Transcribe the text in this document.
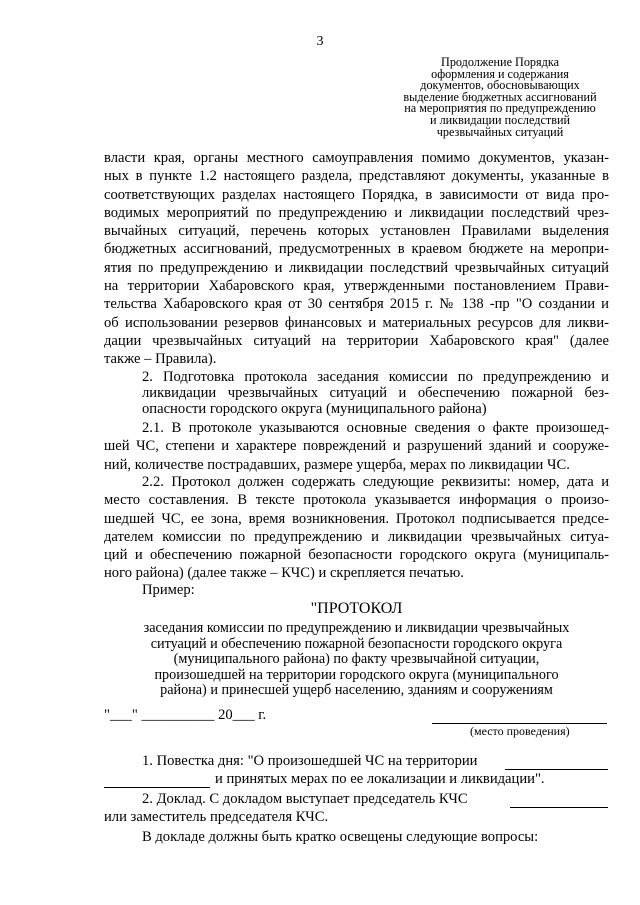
3
Продолжение Порядка
оформления и содержания
документов, обосновывающих
выделение бюджетных ассигнований
на мероприятия по предупреждению
и ликвидации последствий
чрезвычайных ситуаций
власти края, органы местного самоуправления помимо документов, указан-
ных в пункте 1.2 настоящего раздела, представляют документы, указанные в
соответствующих разделах настоящего Порядка, в зависимости от вида про-
водимых мероприятий по предупреждению и ликвидации последствий чрез-
вычайных ситуаций, перечень которых установлен Правилами выделения
бюджетных ассигнований, предусмотренных в краевом бюджете на меропри-
ятия по предупреждению и ликвидации последствий чрезвычайных ситуаций
на территории Хабаровского края, утвержденными постановлением Прави-
тельства Хабаровского края от 30 сентября 2015 г. № 138 -пр "О создании и
об использовании резервов финансовых и материальных ресурсов для ликви-
дации чрезвычайных ситуаций на территории Хабаровского края" (далее
также – Правила).
2. Подготовка протокола заседания комиссии по предупреждению и
ликвидации чрезвычайных ситуаций и обеспечению пожарной без-
опасности городского округа (муниципального района)
2.1. В протоколе указываются основные сведения о факте произошед-
шей ЧС, степени и характере повреждений и разрушений зданий и сооруже-
ний, количестве пострадавших, размере ущерба, мерах по ликвидации ЧС.
2.2. Протокол должен содержать следующие реквизиты: номер, дата и
место составления. В тексте протокола указывается информация о произо-
шедшей ЧС, ее зона, время возникновения. Протокол подписывается предсе-
дателем комиссии по предупреждению и ликвидации чрезвычайных ситуа-
ций и обеспечению пожарной безопасности городского округа (муниципаль-
ного района) (далее также – КЧС) и скрепляется печатью.
Пример:
"ПРОТОКОЛ
заседания комиссии по предупреждению и ликвидации чрезвычайных
ситуаций и обеспечению пожарной безопасности городского округа
(муниципального района) по факту чрезвычайной ситуации,
произошедшей на территории городского округа (муниципального
района) и принесшей ущерб населению, зданиям и сооружениям
"___" __________ 20___ г.
(место проведения)
1. Повестка дня: "О произошедшей ЧС на территории
и принятых мерах по ее локализации и ликвидации".
2. Доклад. С докладом выступает председатель КЧС
или заместитель председателя КЧС.
В докладе должны быть кратко освещены следующие вопросы:
